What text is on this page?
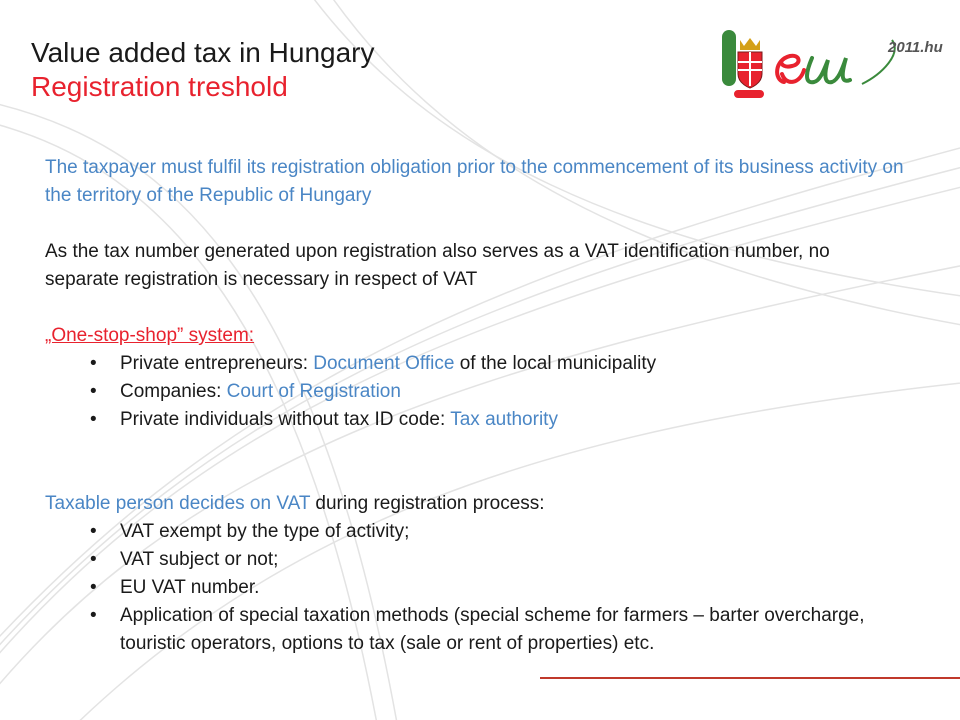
Value added tax in Hungary
Registration treshold
2011.hu

The taxpayer must fulfil its registration obligation prior to the commencement of its business activity on the territory of the Republic of Hungary

As the tax number generated upon registration also serves as a VAT identification number, no separate registration is necessary in respect of VAT

„One-stop-shop” system:

• Private entrepreneurs: Document Office of the local municipality
• Companies: Court of Registration
• Private individuals without tax ID code: Tax authority

Taxable person decides on VAT during registration process:

• VAT exempt by the type of activity;
• VAT subject or not;
• EU VAT number.
• Application of special taxation methods (special scheme for farmers – barter overcharge, touristic operators, options to tax (sale or rent of properties) etc.
